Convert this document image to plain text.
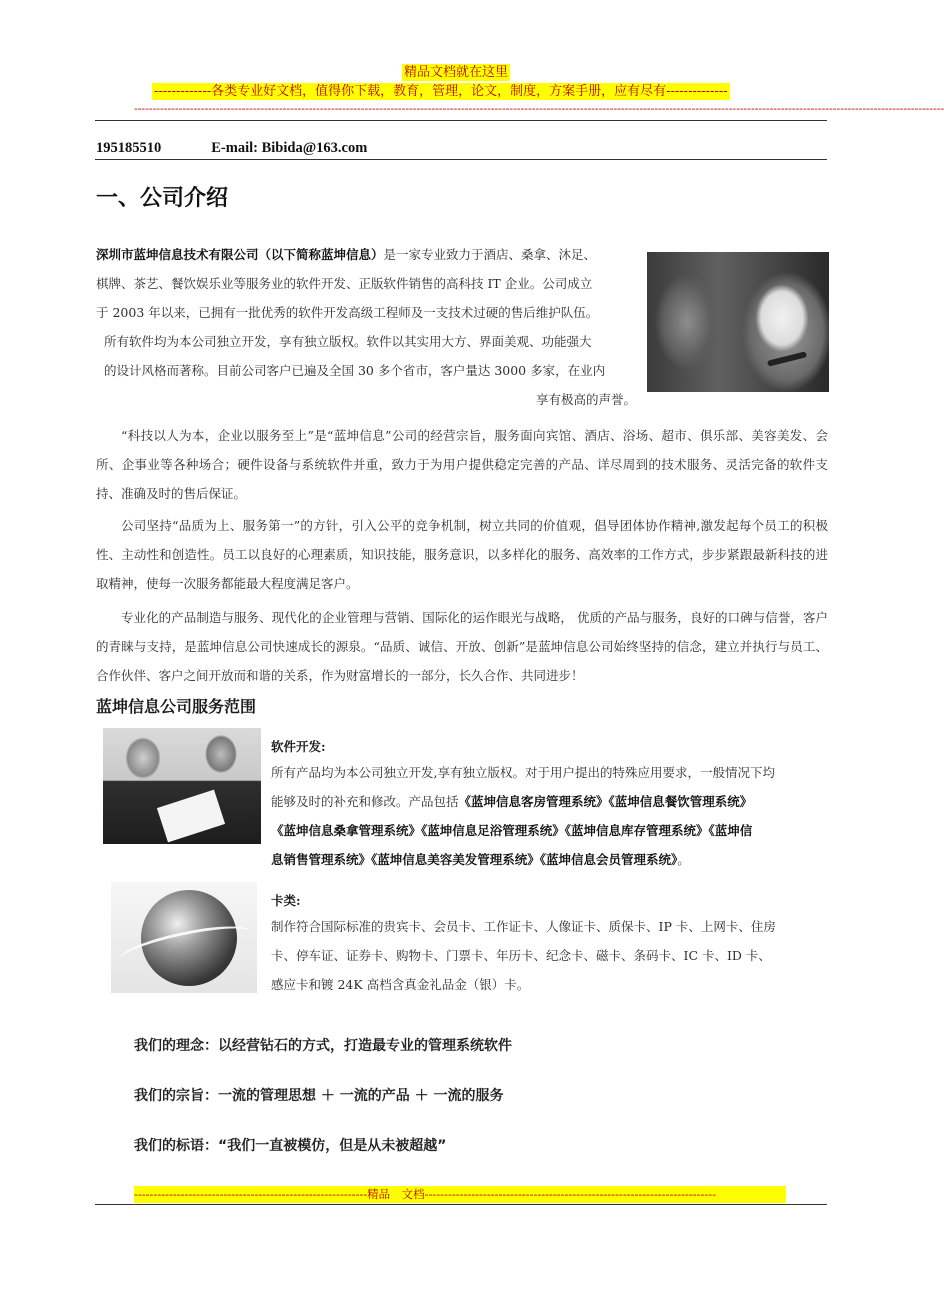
精品文档就在这里
-------------各类专业好文档，值得你下载，教育，管理，论文，制度，方案手册，应有尽有--------------
--------------------------------------------------------------------------------------------------------------------------------------------------------------------------------------------------------------------------
195185510	E-mail: Bibida@163.com
一、公司介绍
深圳市蓝坤信息技术有限公司（以下简称蓝坤信息）是一家专业致力于酒店、桑拿、沐足、
棋牌、茶艺、餐饮娱乐业等服务业的软件开发、正版软件销售的高科技 IT 企业。公司成立
于 2003 年以来，已拥有一批优秀的软件开发高级工程师及一支技术过硬的售后维护队伍。
所有软件均为本公司独立开发，享有独立版权。软件以其实用大方、界面美观、功能强大
的设计风格而著称。目前公司客户已遍及全国 30 多个省市，客户量达 3000 多家，在业内
享有极高的声誉。
“科技以人为本，企业以服务至上”是“蓝坤信息”公司的经营宗旨，服务面向宾馆、酒店、浴场、超市、俱乐部、美容美发、会所、企事业等各种场合；硬件设备与系统软件并重，致力于为用户提供稳定完善的产品、详尽周到的技术服务、灵活完备的软件支持、准确及时的售后保证。
公司坚持“品质为上、服务第一”的方针，引入公平的竞争机制，树立共同的价值观，倡导团体协作精神,激发起每个员工的积极性、主动性和创造性。员工以良好的心理素质，知识技能，服务意识，以多样化的服务、高效率的工作方式，步步紧跟最新科技的进取精神，使每一次服务都能最大程度满足客户。
专业化的产品制造与服务、现代化的企业管理与营销、国际化的运作眼光与战略， 优质的产品与服务，良好的口碑与信誉，客户的青睐与支持，是蓝坤信息公司快速成长的源泉。“品质、诚信、开放、创新”是蓝坤信息公司始终坚持的信念，建立并执行与员工、合作伙伴、客户之间开放而和谐的关系，作为财富增长的一部分，长久合作、共同进步！
蓝坤信息公司服务范围
软件开发:
所有产品均为本公司独立开发,享有独立版权。对于用户提出的特殊应用要求，一般情况下均
能够及时的补充和修改。产品包括《蓝坤信息客房管理系统》《蓝坤信息餐饮管理系统》
《蓝坤信息桑拿管理系统》《蓝坤信息足浴管理系统》《蓝坤信息库存管理系统》《蓝坤信
息销售管理系统》《蓝坤信息美容美发管理系统》《蓝坤信息会员管理系统》。
卡类:
制作符合国际标准的贵宾卡、会员卡、工作证卡、人像证卡、质保卡、IP 卡、上网卡、住房
卡、停车证、证券卡、购物卡、门票卡、年历卡、纪念卡、磁卡、条码卡、IC 卡、ID 卡、
感应卡和镀 24K 高档含真金礼品金（银）卡。
我们的理念：以经营钻石的方式，打造最专业的管理系统软件
我们的宗旨：一流的管理思想 ＋ 一流的产品 ＋ 一流的服务
我们的标语：“我们一直被模仿，但是从未被超越”
------------------------------------------------------------精品　文档---------------------------------------------------------------------------
